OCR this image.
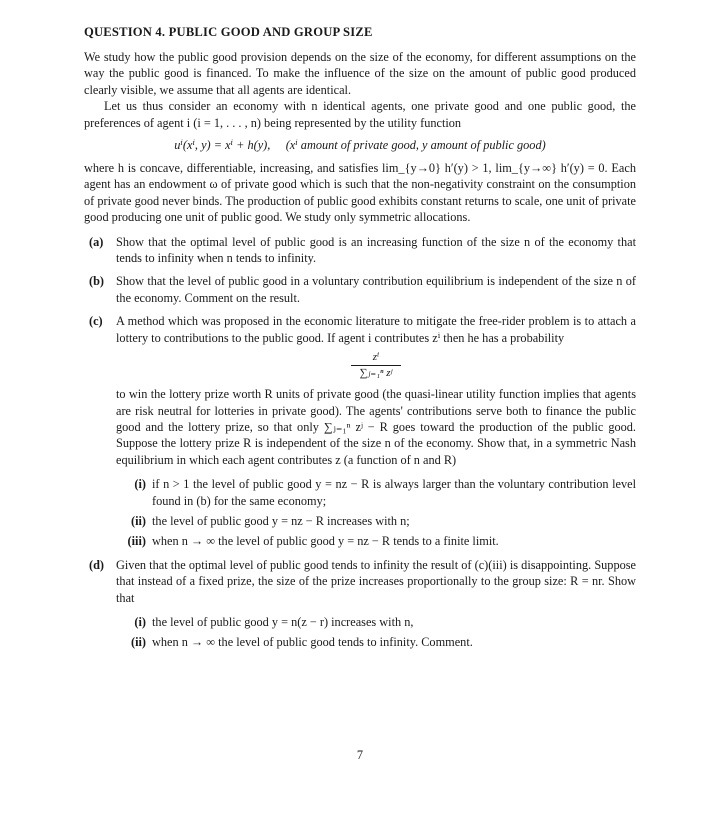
QUESTION 4. PUBLIC GOOD AND GROUP SIZE

We study how the public good provision depends on the size of the economy, for different assumptions on the way the public good is financed. To make the influence of the size on the amount of public good produced clearly visible, we assume that all agents are identical.

Let us thus consider an economy with n identical agents, one private good and one public good, the preferences of agent i (i = 1, . . . , n) being represented by the utility function

uⁱ(xⁱ, y) = xⁱ + h(y), (xⁱ amount of private good, y amount of public good)

where h is concave, differentiable, increasing, and satisfies lim_{y→0} h′(y) > 1, lim_{y→∞} h′(y) = 0. Each agent has an endowment ω of private good which is such that the non-negativity constraint on the consumption of private good never binds. The production of public good exhibits constant returns to scale, one unit of private good producing one unit of public good. We study only symmetric allocations.

(a) Show that the optimal level of public good is an increasing function of the size n of the economy that tends to infinity when n tends to infinity.
(b) Show that the level of public good in a voluntary contribution equilibrium is independent of the size n of the economy. Comment on the result.
(c) A method which was proposed in the economic literature to mitigate the free-rider problem is to attach a lottery to contributions to the public good. If agent i contributes zⁱ then he has a probability
zⁱ
∑ⱼ₌₁ⁿ zʲ
to win the lottery prize worth R units of private good (the quasi-linear utility function implies that agents are risk neutral for lotteries in private good). The agents' contributions serve both to finance the public good and the lottery prize, so that only ∑ⱼ₌₁ⁿ zʲ − R goes toward the production of the public good. Suppose the lottery prize R is independent of the size n of the economy. Show that, in a symmetric Nash equilibrium in which each agent contributes z (a function of n and R)
(i) if n > 1 the level of public good y = nz − R is always larger than the voluntary contribution level found in (b) for the same economy;
(ii) the level of public good y = nz − R increases with n;
(iii) when n → ∞ the level of public good y = nz − R tends to a finite limit.
(d) Given that the optimal level of public good tends to infinity the result of (c)(iii) is disappointing. Suppose that instead of a fixed prize, the size of the prize increases proportionally to the group size: R = nr. Show that
(i) the level of public good y = n(z − r) increases with n,
(ii) when n → ∞ the level of public good tends to infinity. Comment.
7
